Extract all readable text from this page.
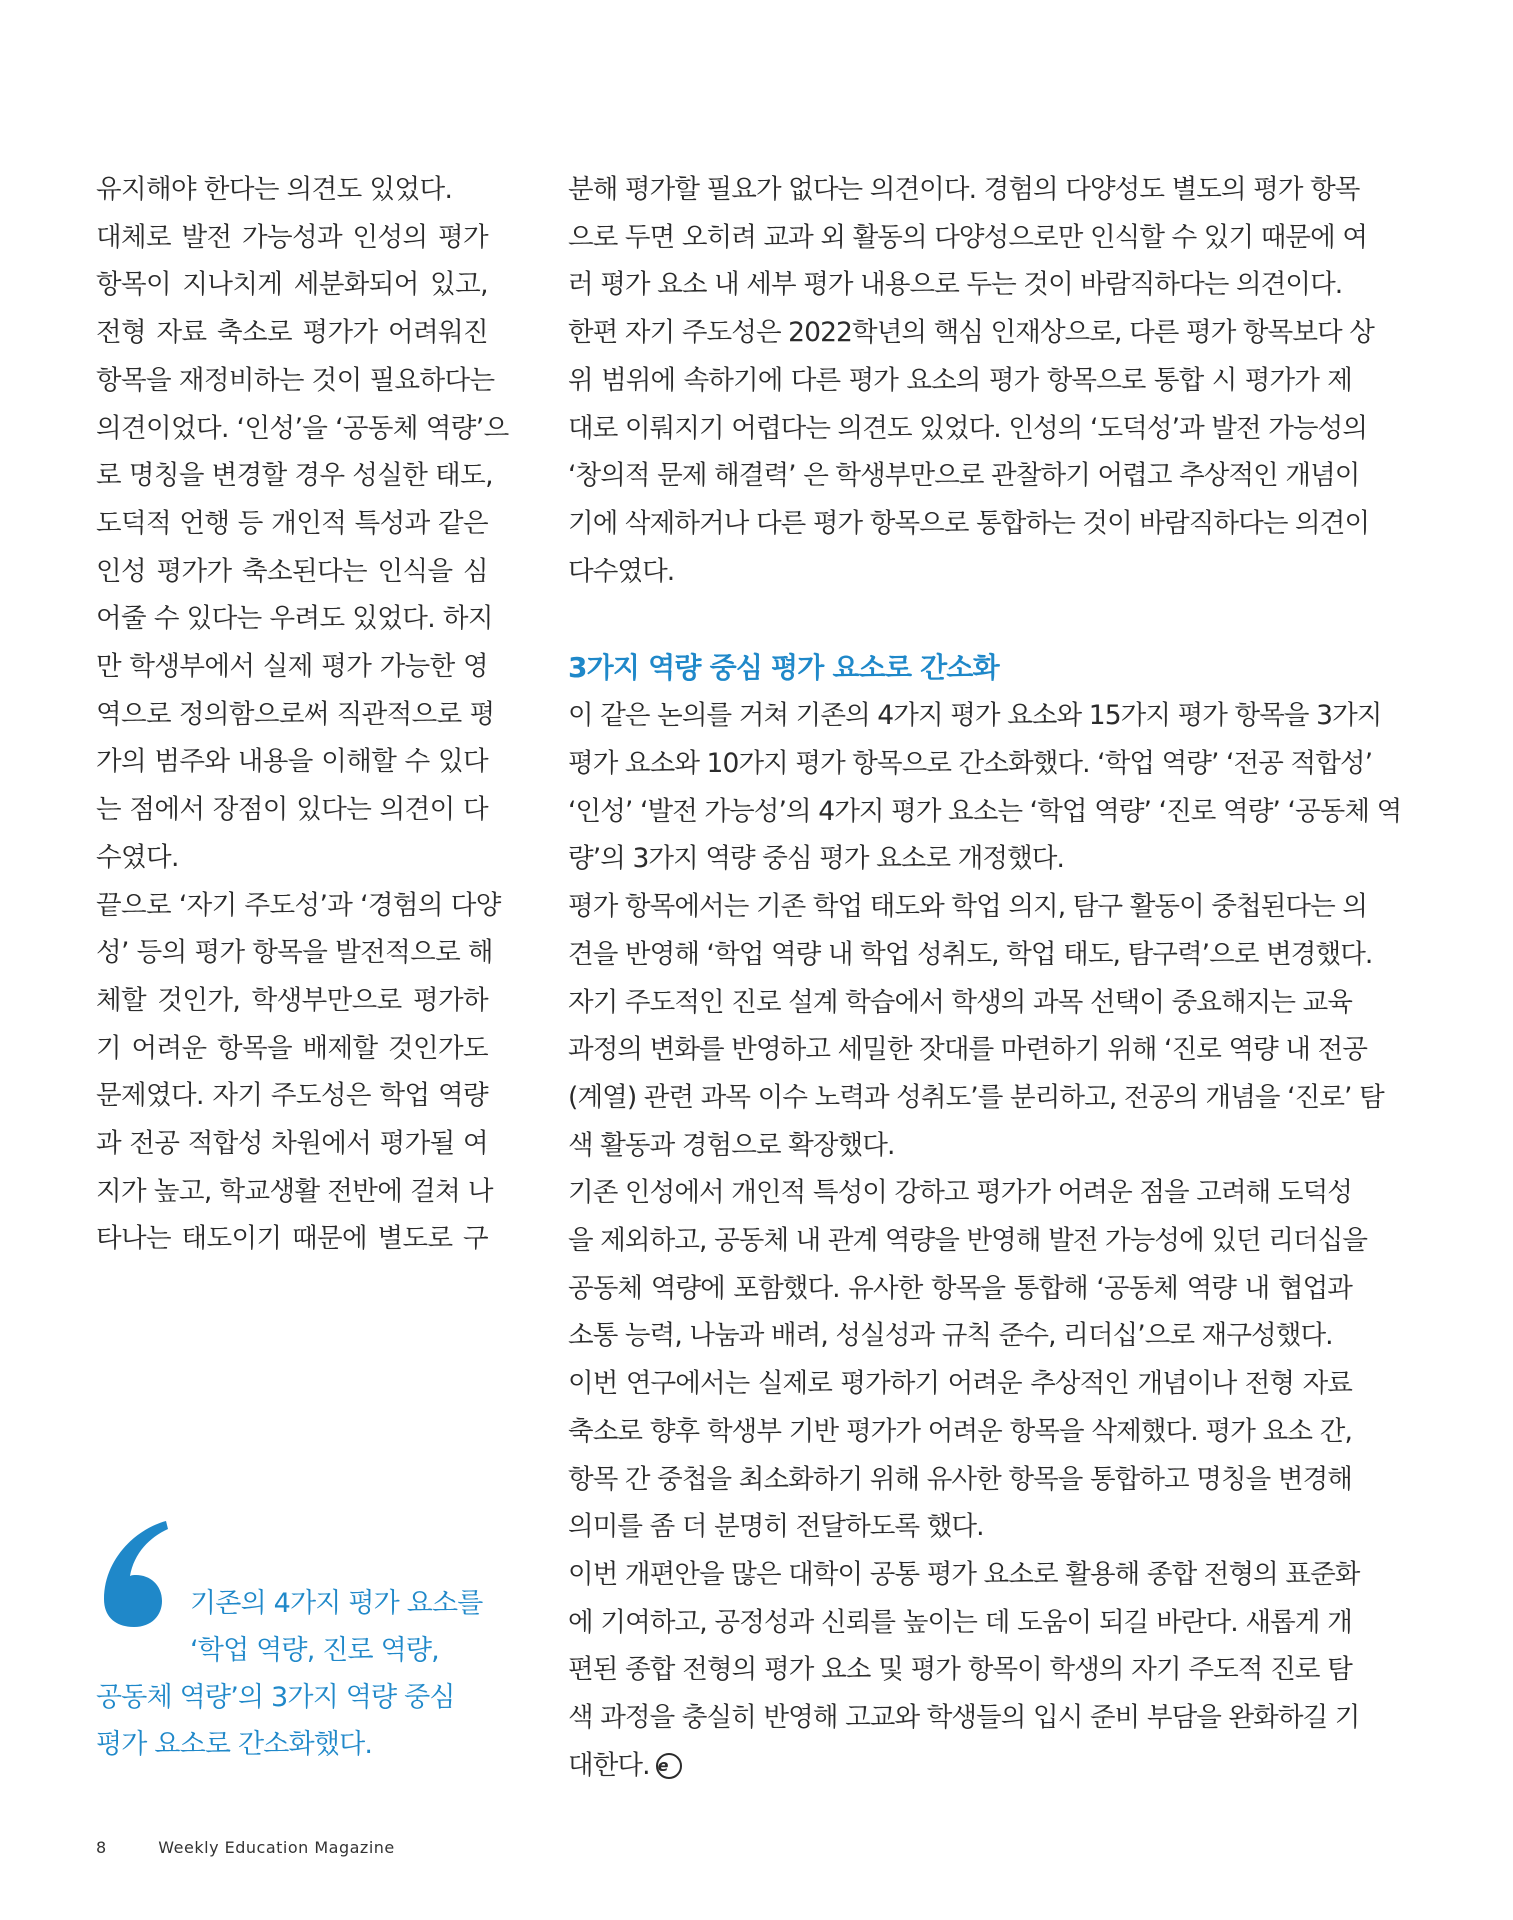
유지해야 한다는 의견도 있었다.
대체로 발전 가능성과 인성의 평가
항목이 지나치게 세분화되어 있고,
전형 자료 축소로 평가가 어려워진
항목을 재정비하는 것이 필요하다는
의견이었다. ‘인성’을 ‘공동체 역량’으
로 명칭을 변경할 경우 성실한 태도,
도덕적 언행 등 개인적 특성과 같은
인성 평가가 축소된다는 인식을 심
어줄 수 있다는 우려도 있었다. 하지
만 학생부에서 실제 평가 가능한 영
역으로 정의함으로써 직관적으로 평
가의 범주와 내용을 이해할 수 있다
는 점에서 장점이 있다는 의견이 다
수였다.
끝으로 ‘자기 주도성’과 ‘경험의 다양
성’ 등의 평가 항목을 발전적으로 해
체할 것인가, 학생부만으로 평가하
기 어려운 항목을 배제할 것인가도
문제였다. 자기 주도성은 학업 역량
과 전공 적합성 차원에서 평가될 여
지가 높고, 학교생활 전반에 걸쳐 나
타나는 태도이기 때문에 별도로 구
분해 평가할 필요가 없다는 의견이다. 경험의 다양성도 별도의 평가 항목
으로 두면 오히려 교과 외 활동의 다양성으로만 인식할 수 있기 때문에 여
러 평가 요소 내 세부 평가 내용으로 두는 것이 바람직하다는 의견이다.
한편 자기 주도성은 2022학년의 핵심 인재상으로, 다른 평가 항목보다 상
위 범위에 속하기에 다른 평가 요소의 평가 항목으로 통합 시 평가가 제
대로 이뤄지기 어렵다는 의견도 있었다. 인성의 ‘도덕성’과 발전 가능성의
‘창의적 문제 해결력’ 은 학생부만으로 관찰하기 어렵고 추상적인 개념이
기에 삭제하거나 다른 평가 항목으로 통합하는 것이 바람직하다는 의견이
다수였다.
3가지 역량 중심 평가 요소로 간소화
이 같은 논의를 거쳐 기존의 4가지 평가 요소와 15가지 평가 항목을 3가지
평가 요소와 10가지 평가 항목으로 간소화했다. ‘학업 역량’ ‘전공 적합성’
‘인성’ ‘발전 가능성’의 4가지 평가 요소는 ‘학업 역량’ ‘진로 역량’ ‘공동체 역
량’의 3가지 역량 중심 평가 요소로 개정했다.
평가 항목에서는 기존 학업 태도와 학업 의지, 탐구 활동이 중첩된다는 의
견을 반영해 ‘학업 역량 내 학업 성취도, 학업 태도, 탐구력’으로 변경했다.
자기 주도적인 진로 설계 학습에서 학생의 과목 선택이 중요해지는 교육
과정의 변화를 반영하고 세밀한 잣대를 마련하기 위해 ‘진로 역량 내 전공
(계열) 관련 과목 이수 노력과 성취도’를 분리하고, 전공의 개념을 ‘진로’ 탐
색 활동과 경험으로 확장했다.
기존 인성에서 개인적 특성이 강하고 평가가 어려운 점을 고려해 도덕성
을 제외하고, 공동체 내 관계 역량을 반영해 발전 가능성에 있던 리더십을
공동체 역량에 포함했다. 유사한 항목을 통합해 ‘공동체 역량 내 협업과
소통 능력, 나눔과 배려, 성실성과 규칙 준수, 리더십’으로 재구성했다.
이번 연구에서는 실제로 평가하기 어려운 추상적인 개념이나 전형 자료
축소로 향후 학생부 기반 평가가 어려운 항목을 삭제했다. 평가 요소 간,
항목 간 중첩을 최소화하기 위해 유사한 항목을 통합하고 명칭을 변경해
의미를 좀 더 분명히 전달하도록 했다.
이번 개편안을 많은 대학이 공통 평가 요소로 활용해 종합 전형의 표준화
에 기여하고, 공정성과 신뢰를 높이는 데 도움이 되길 바란다. 새롭게 개
편된 종합 전형의 평가 요소 및 평가 항목이 학생의 자기 주도적 진로 탐
색 과정을 충실히 반영해 고교와 학생들의 입시 준비 부담을 완화하길 기
대한다. e
기존의 4가지 평가 요소를
‘학업 역량, 진로 역량,
공동체 역량’의 3가지 역량 중심
평가 요소로 간소화했다.
8	Weekly Education Magazine
